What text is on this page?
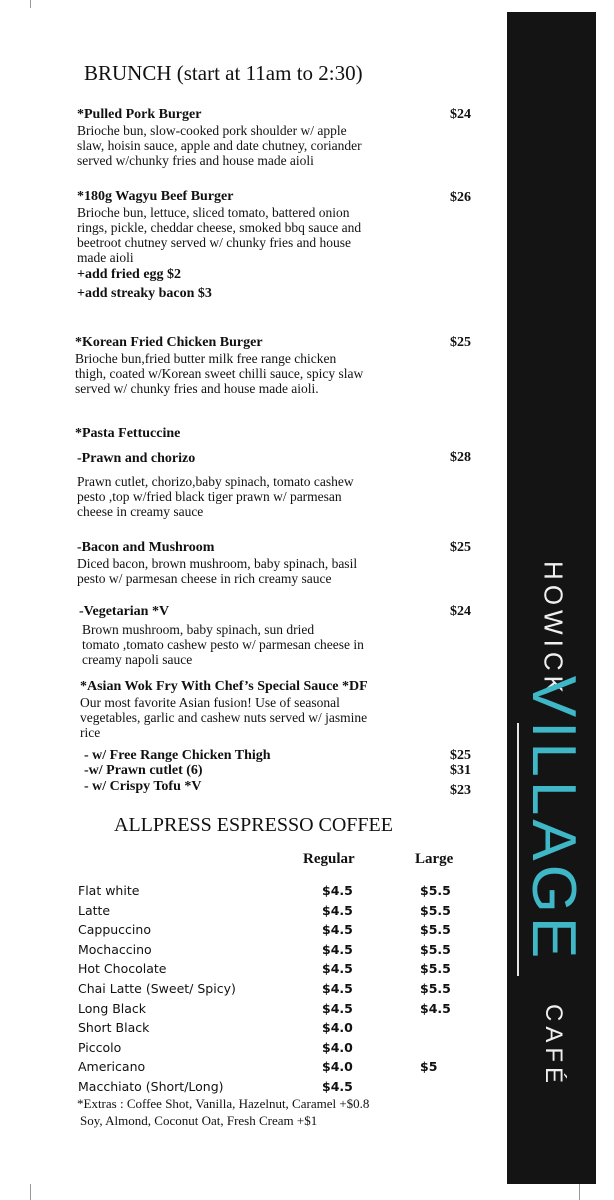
HOWICK
VILLAGE
CAFÉ
BRUNCH (start at 11am to 2:30)
*Pulled Pork Burger	$24
Brioche bun, slow-cooked pork shoulder w/ apple
slaw, hoisin sauce, apple and date chutney, coriander
served w/chunky fries and house made aioli
*180g Wagyu Beef Burger	$26
Brioche bun, lettuce, sliced tomato, battered onion
rings, pickle, cheddar cheese, smoked bbq sauce and
beetroot chutney served w/ chunky fries and house
made aioli
+add fried egg $2
+add streaky bacon $3
*Korean Fried Chicken Burger	$25
Brioche bun,fried butter milk free range chicken
thigh, coated w/Korean sweet chilli sauce, spicy slaw
served w/ chunky fries and house made aioli.
*Pasta Fettuccine
-Prawn and chorizo	$28
Prawn cutlet, chorizo,baby spinach, tomato cashew
pesto ,top w/fried black tiger prawn w/ parmesan
cheese in creamy sauce
-Bacon and Mushroom	$25
Diced bacon, brown mushroom, baby spinach, basil
pesto w/ parmesan cheese in rich creamy sauce
-Vegetarian *V	$24
Brown mushroom, baby spinach, sun dried
tomato ,tomato cashew pesto w/ parmesan cheese in
creamy napoli sauce
*Asian Wok Fry With Chef’s Special Sauce *DF
Our most favorite Asian fusion! Use of seasonal
vegetables, garlic and cashew nuts served w/ jasmine
rice
- w/ Free Range Chicken Thigh	$25
-w/ Prawn cutlet (6)	$31
- w/ Crispy Tofu *V	$23
ALLPRESS ESPRESSO COFFEE
Regular	Large
Flat white	$4.5	$5.5
Latte	$4.5	$5.5
Cappuccino	$4.5	$5.5
Mochaccino	$4.5	$5.5
Hot Chocolate	$4.5	$5.5
Chai Latte (Sweet/ Spicy)	$4.5	$5.5
Long Black	$4.5	$4.5
Short Black	$4.0
Piccolo	$4.0
Americano	$4.0	$5
Macchiato (Short/Long)	$4.5
*Extras : Coffee Shot, Vanilla, Hazelnut, Caramel +$0.8
Soy, Almond, Coconut Oat, Fresh Cream +$1
